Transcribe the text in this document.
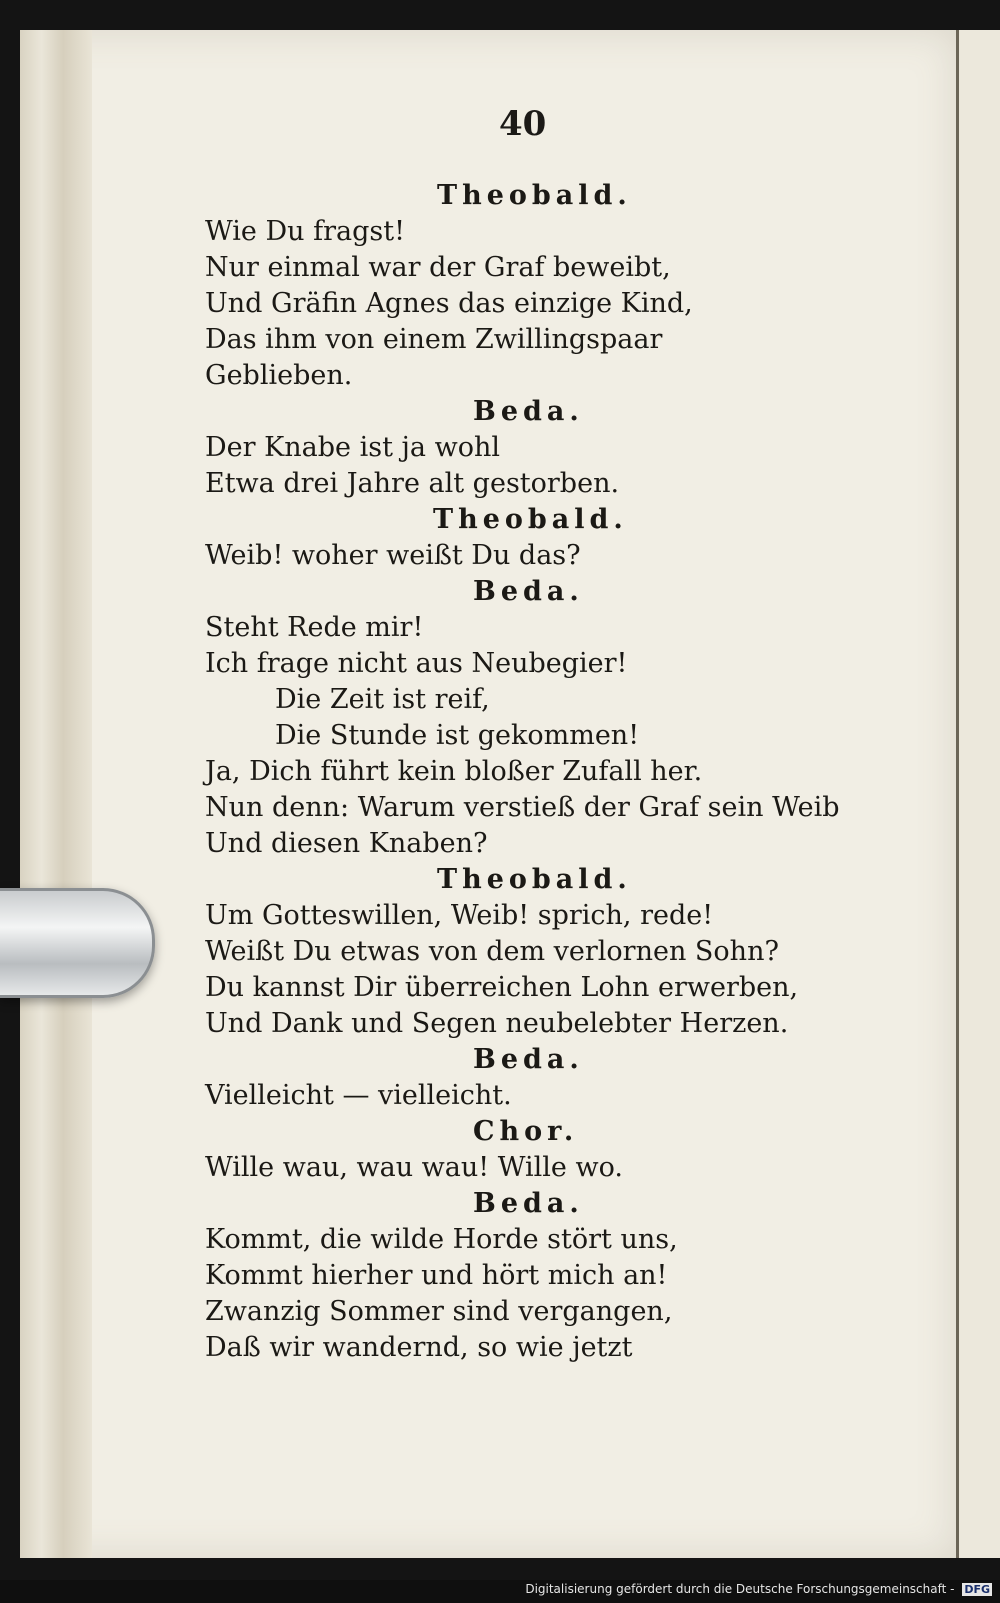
40
Theobald.
Wie Du fragst!
Nur einmal war der Graf beweibt,
Und Gräfin Agnes das einzige Kind,
Das ihm von einem Zwillingspaar
Geblieben.
Beda.
Der Knabe ist ja wohl
Etwa drei Jahre alt gestorben.
Theobald.
Weib! woher weißt Du das?
Beda.
Steht Rede mir!
Ich frage nicht aus Neubegier!
Die Zeit ist reif,
Die Stunde ist gekommen!
Ja, Dich führt kein bloßer Zufall her.
Nun denn: Warum verstieß der Graf sein Weib
Und diesen Knaben?
Theobald.
Um Gotteswillen, Weib! sprich, rede!
Weißt Du etwas von dem verlornen Sohn?
Du kannst Dir überreichen Lohn erwerben,
Und Dank und Segen neubelebter Herzen.
Beda.
Vielleicht — vielleicht.
Chor.
Wille wau, wau wau! Wille wo.
Beda.
Kommt, die wilde Horde stört uns,
Kommt hierher und hört mich an!
Zwanzig Sommer sind vergangen,
Daß wir wandernd, so wie jetzt
Digitalisierung gefördert durch die Deutsche Forschungsgemeinschaft - DFG
